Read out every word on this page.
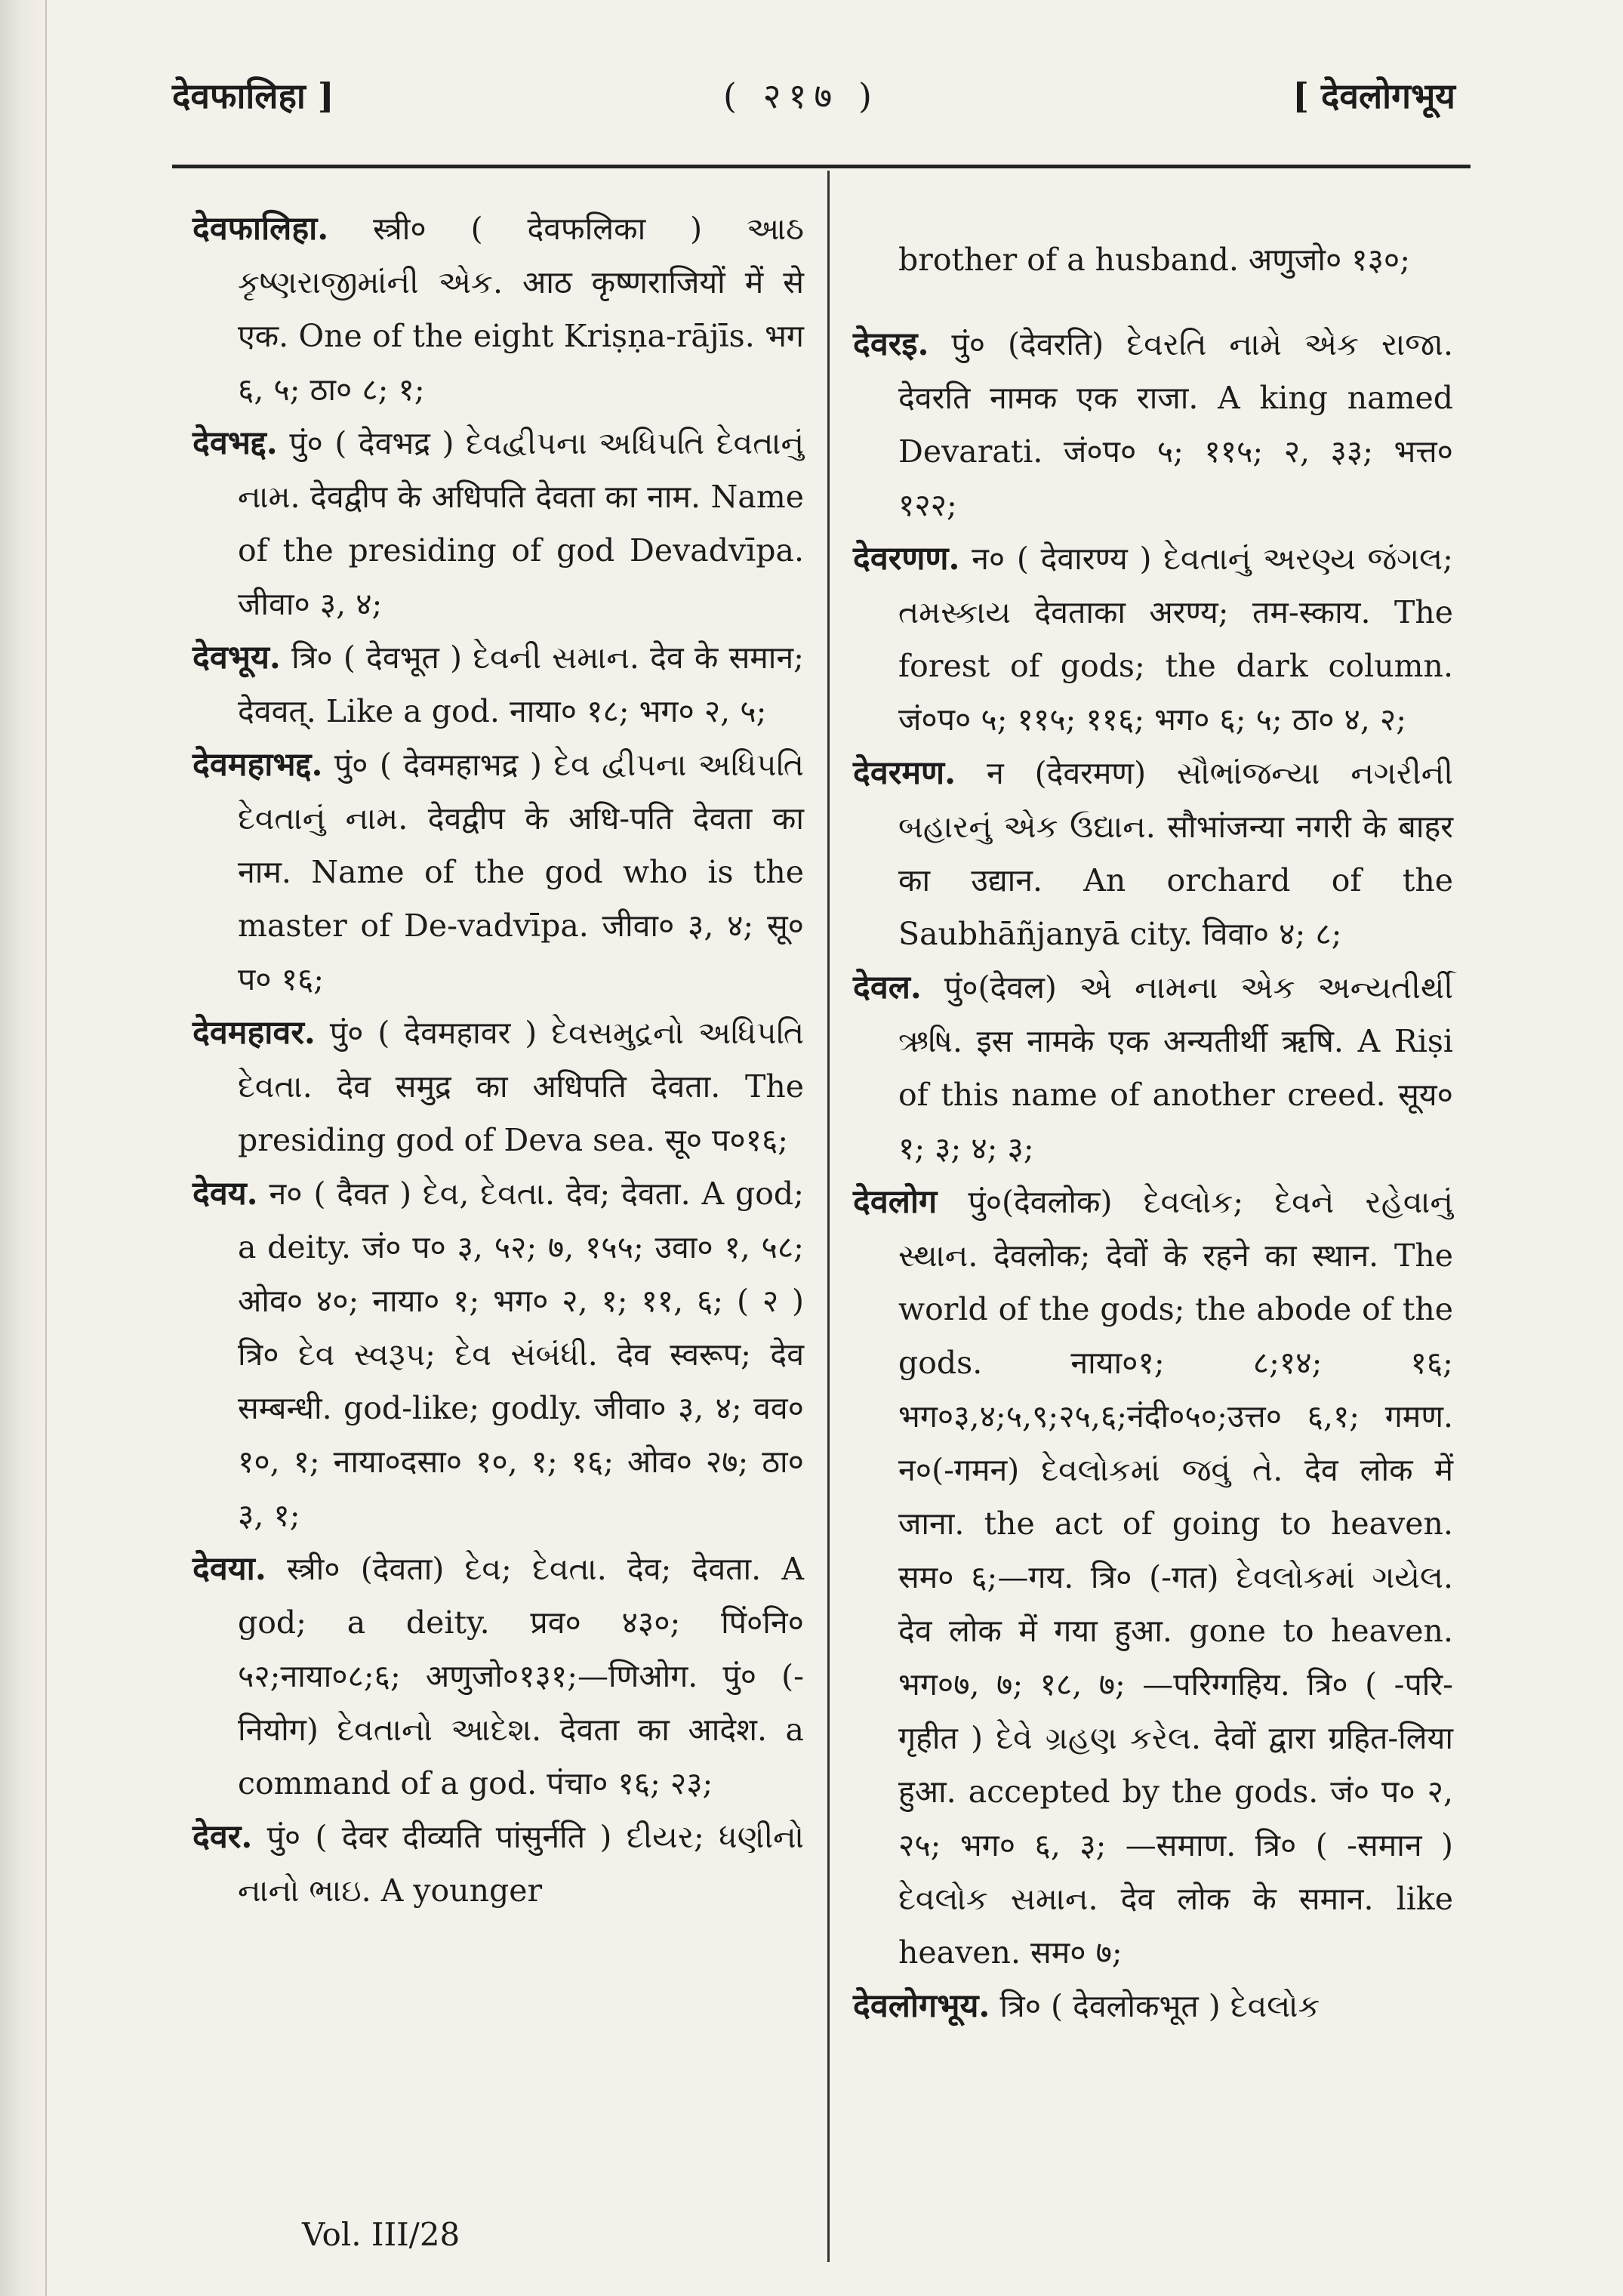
देवफालिहा ]	( २१७ )	[ देवलोगभूय

देवफालिहा. स्त्री० ( देवफलिका ) આઠ કૃષ્ણરાજીમાંની એક. आठ कृष्णराजियों में से एक. One of the eight Kriṣṇa-rājīs. भग ६, ५; ठा० ८; १;

देवभद्द. पुं० ( देवभद्र ) દેવદ્વીપના અધિપતિ દેવતાનું નામ. देवद्वीप के अधिपति देवता का नाम. Name of the presiding of god Devadvīpa. जीवा० ३, ४;

देवभूय. त्रि० ( देवभूत ) દેવની સમાન. देव के समान; देववत्. Like a god. नाया० १८; भग० २, ५;

देवमहाभद्द. पुं० ( देवमहाभद्र ) દેવ દ્વીપના અધિપતિ દેવતાનું નામ. देवद्वीप के अधि-पति देवता का नाम. Name of the god who is the master of De-vadvīpa. जीवा० ३, ४; सू० प० १६;

देवमहावर. पुं० ( देवमहावर ) દેવસમુદ્રનો અધિપતિ દેવતા. देव समुद्र का अधिपति देवता. The presiding god of Deva sea. सू० प०१६;

देवय. न० ( दैवत ) દેવ, દેવતા. देव; देवता. A god; a deity. जं० प० ३, ५२; ७, १५५; उवा० १, ५८; ओव० ४०; नाया० १; भग० २, १; ११, ६; ( २ ) त्रि० દેવ સ્વરૂપ; દેવ સંબંધી. देव स्वरूप; देव सम्बन्धी. god-like; godly. जीवा० ३, ४; वव० १०, १; नाया०दसा० १०, १; १६; ओव० २७; ठा० ३, १;

देवया. स्त्री० (देवता) દેવ; દેવતા. देव; देवता. A god; a deity. प्रव० ४३०; पिं०नि० ५२;नाया०८;६; अणुजो०१३१;—णिओग. पुं० (-नियोग) દેવતાનો આદેશ. देवता का आदेश. a command of a god. पंचा० १६; २३;

देवर. पुं० ( देवर दीव्यति पांसुर्नति ) દીયર; ધણીનો નાનો ભાઇ. A younger

brother of a husband. अणुजो० १३०;

देवरइ. पुं० (देवरति) દેવરતિ નામે એક રાજા. देवरति नामक एक राजा. A king named Devarati. जं०प० ५; ११५; २, ३३; भत्त० १२२;

देवरणण. न० ( देवारण्य ) દેવતાનું અરણ્ય જંગલ; તમસ્કાય देवताका अरण्य; तम-स्काय. The forest of gods; the dark column. जं०प० ५; ११५; ११६; भग० ६; ५; ठा० ४, २;

देवरमण. न (देवरमण) સૌભાંજન્યા નગરીની બહારનું એક ઉદ્યાન. सौभांजन्या नगरी के बाहर का उद्यान. An orchard of the Saubhāñjanyā city. विवा० ४; ८;

देवल. पुं०(देवल) એ નામના એક અન્યતીર્થી ઋષિ. इस नामके एक अन्यतीर्थी ऋषि. A Riṣi of this name of another creed. सूय० १; ३; ४; ३;

देवलोग पुं०(देवलोक) દેવલોક; દેવને રહેવાનું સ્થાન. देवलोक; देवों के रहने का स्थान. The world of the gods; the abode of the gods. नाया०१; ८;१४; १६; भग०३,४;५,९;२५,६;नंदी०५०;उत्त० ६,१; गमण. न०(-गमन) દેવલોકમાં જવું તે. देव लोक में जाना. the act of going to heaven. सम० ६;—गय. त्रि० (-गत) દેવલોકમાં ગયેલ. देव लोक में गया हुआ. gone to heaven. भग०७, ७; १८, ७; —परिग्गहिय. त्रि० ( -परि-गृहीत ) દેવે ગ્રહણ કરેલ. देवों द्वारा ग्रहित-लिया हुआ. accepted by the gods. जं० प० २, २५; भग० ६, ३; —समाण. त्रि० ( -समान ) દેવલોક સમાન. देव लोक के समान. like heaven. सम० ७;

देवलोगभूय. त्रि० ( देवलोकभूत ) દેવલોક

Vol. III/28
